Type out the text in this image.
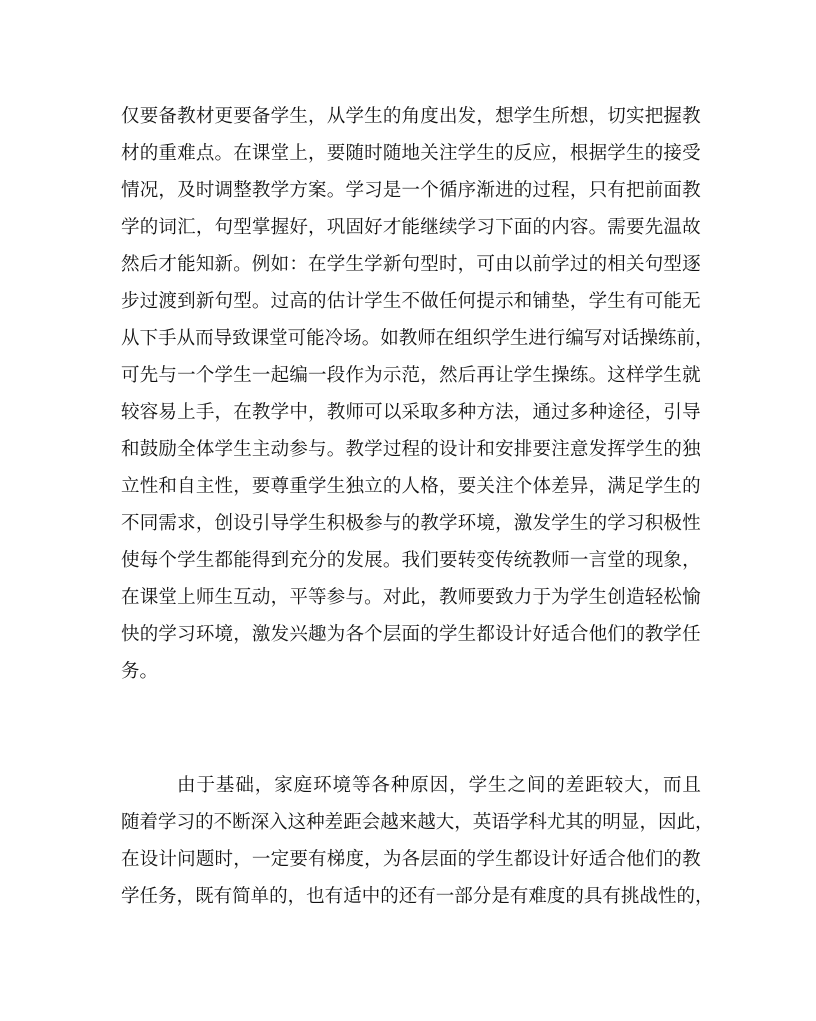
仅 要 备 教 材 更 要 备 学 生 ， 从 学 生 的 角 度 出 发 ， 想 学 生 所 想 ， 切 实 把 握 教
材 的 重 难 点 。 在 课 堂 上 ， 要 随 时 随 地 关 注 学 生 的 反 应 ， 根 据 学 生 的 接 受
情 况 ， 及 时 调 整 教 学 方 案 。 学 习 是 一 个 循 序 渐 进 的 过 程 ， 只 有 把 前 面 教
学 的 词 汇 ， 句 型 掌 握 好 ， 巩 固 好 才 能 继 续 学 习 下 面 的 内 容 。 需 要 先 温 故
然 后 才 能 知 新 。 例 如 ： 在 学 生 学 新 句 型 时 ， 可 由 以 前 学 过 的 相 关 句 型 逐
步 过 渡 到 新 句 型 。 过 高 的 估 计 学 生 不 做 任 何 提 示 和 铺 垫 ， 学 生 有 可 能 无
从 下 手 从 而 导 致 课 堂 可 能 冷 场 。 如 教 师 在 组 织 学 生 进 行 编 写 对 话 操 练 前 ，
可 先 与 一 个 学 生 一 起 编 一 段 作 为 示 范 ， 然 后 再 让 学 生 操 练 。 这 样 学 生 就
较 容 易 上 手 ， 在 教 学 中 ， 教 师 可 以 采 取 多 种 方 法 ， 通 过 多 种 途 径 ， 引 导
和 鼓 励 全 体 学 生 主 动 参 与 。 教 学 过 程 的 设 计 和 安 排 要 注 意 发 挥 学 生 的 独
立 性 和 自 主 性 ， 要 尊 重 学 生 独 立 的 人 格 ， 要 关 注 个 体 差 异 ， 满 足 学 生 的
不 同 需 求 ， 创 设 引 导 学 生 积 极 参 与 的 教 学 环 境 ， 激 发 学 生 的 学 习 积 极 性
使 每 个 学 生 都 能 得 到 充 分 的 发 展 。 我 们 要 转 变 传 统 教 师 一 言 堂 的 现 象 ，
在 课 堂 上 师 生 互 动 ， 平 等 参 与 。 对 此 ， 教 师 要 致 力 于 为 学 生 创 造 轻 松 愉
快 的 学 习 环 境 ， 激 发 兴 趣 为 各 个 层 面 的 学 生 都 设 计 好 适 合 他 们 的 教 学 任
务。
由 于 基 础 ， 家 庭 环 境 等 各 种 原 因 ， 学 生 之 间 的 差 距 较 大 ， 而 且
随 着 学 习 的 不 断 深 入 这 种 差 距 会 越 来 越 大 ， 英 语 学 科 尤 其 的 明 显 ， 因 此 ，
在 设 计 问 题 时 ， 一 定 要 有 梯 度 ， 为 各 层 面 的 学 生 都 设 计 好 适 合 他 们 的 教
学 任 务 ， 既 有 简 单 的 ， 也 有 适 中 的 还 有 一 部 分 是 有 难 度 的 具 有 挑 战 性 的 ，
